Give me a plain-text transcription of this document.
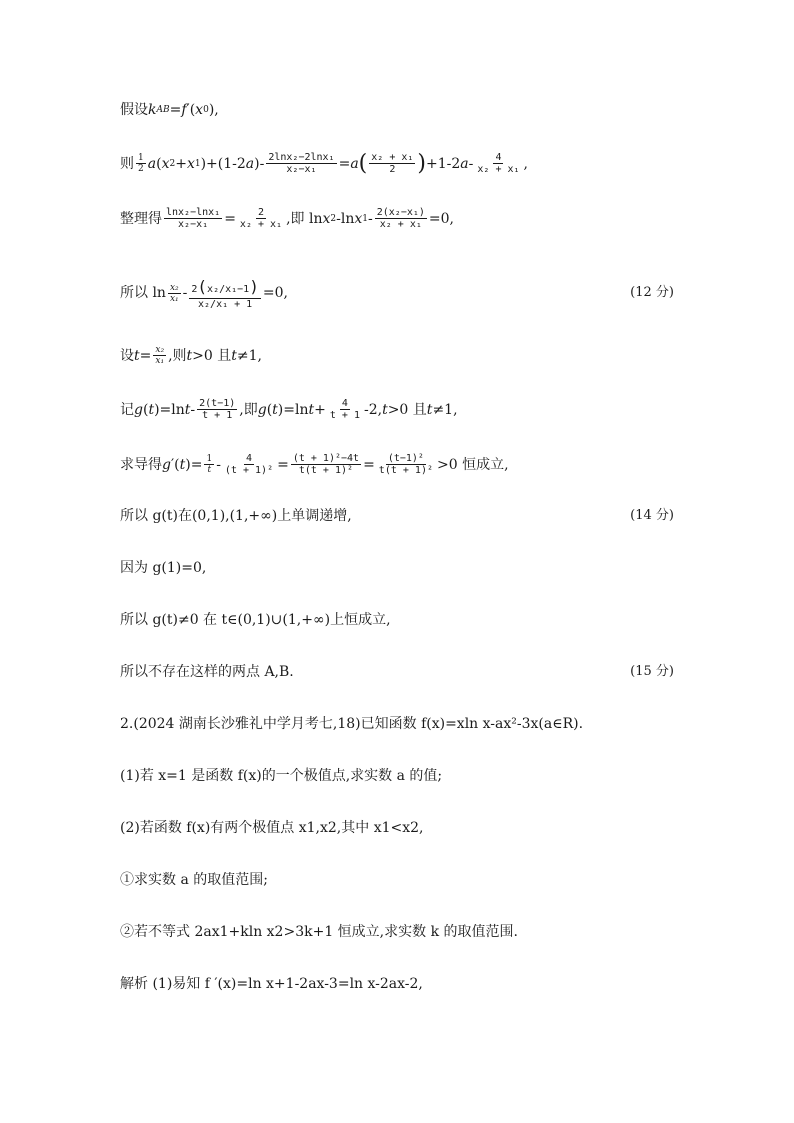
假设 k AB = f ′( x 0 ),
则 $\frac{1}{2}$ a ( x 2 + x 1 )+(1-2 a )- $\frac{\text{2lnx₂−2lnx₁}}{\text{x₂−x₁}} = a$ ( $\frac{\text{x₂ + x₁}}{2}$ ) +1-2 a - $\frac{4}{\text{x₂ + x₁}}$ ,
整理得 $\frac{\text{lnx₂−lnx₁}}{\text{x₂−x₁}} = \frac{2}{\text{x₂ + x₁}}$ ,即 ln x 2 -ln x $1 - \frac{\text{2(x₂−x₁)}}{\text{x₂ + x₁}} =0$,
所以 $\ln \frac{\text{x₂}}{\text{x₁}} - \frac{\text{2(x₂/x₁−1)}}{\text{x₂/x₁ + 1}} =0$,	(12 分)
设 $t = \frac{\text{x₂}}{\text{x₁}}$ ,则 t >0 且 t ≠1,
记 g ( t )=ln t - $\frac{2(t-1)}{t + 1}$ ,即 g ( t )=ln $t + \frac{4}{t + 1} -2$, t >0 且 t ≠1,
求导得 g ′( t )= $\frac{1}{t} - \frac{4}{\text{(t + 1)²}} = \frac{\text{(t + 1)²−4t}}{\text{t(t + 1)²}} = \frac{\text{(t−1)²}}{\text{t(t + 1)²}} >0$ 恒成立,
所以 g(t)在(0,1),(1,+∞)上单调递增,	(14 分)
因为 g(1)=0,
所以 g(t)≠0 在 t∈(0,1)∪(1,+∞)上恒成立,
所以不存在这样的两点 A,B.	(15 分)
2.(2024 湖南长沙雅礼中学月考七,18)已知函数 f(x)=xln x-ax²-3x(a∈R).
(1)若 x=1 是函数 f(x)的一个极值点,求实数 a 的值;
(2)若函数 f(x)有两个极值点 x1,x2,其中 x1<x2,
①求实数 a 的取值范围;
②若不等式 2ax1+kln x2>3k+1 恒成立,求实数 k 的取值范围.
解析 (1)易知 f ′(x)=ln x+1-2ax-3=ln x-2ax-2,
